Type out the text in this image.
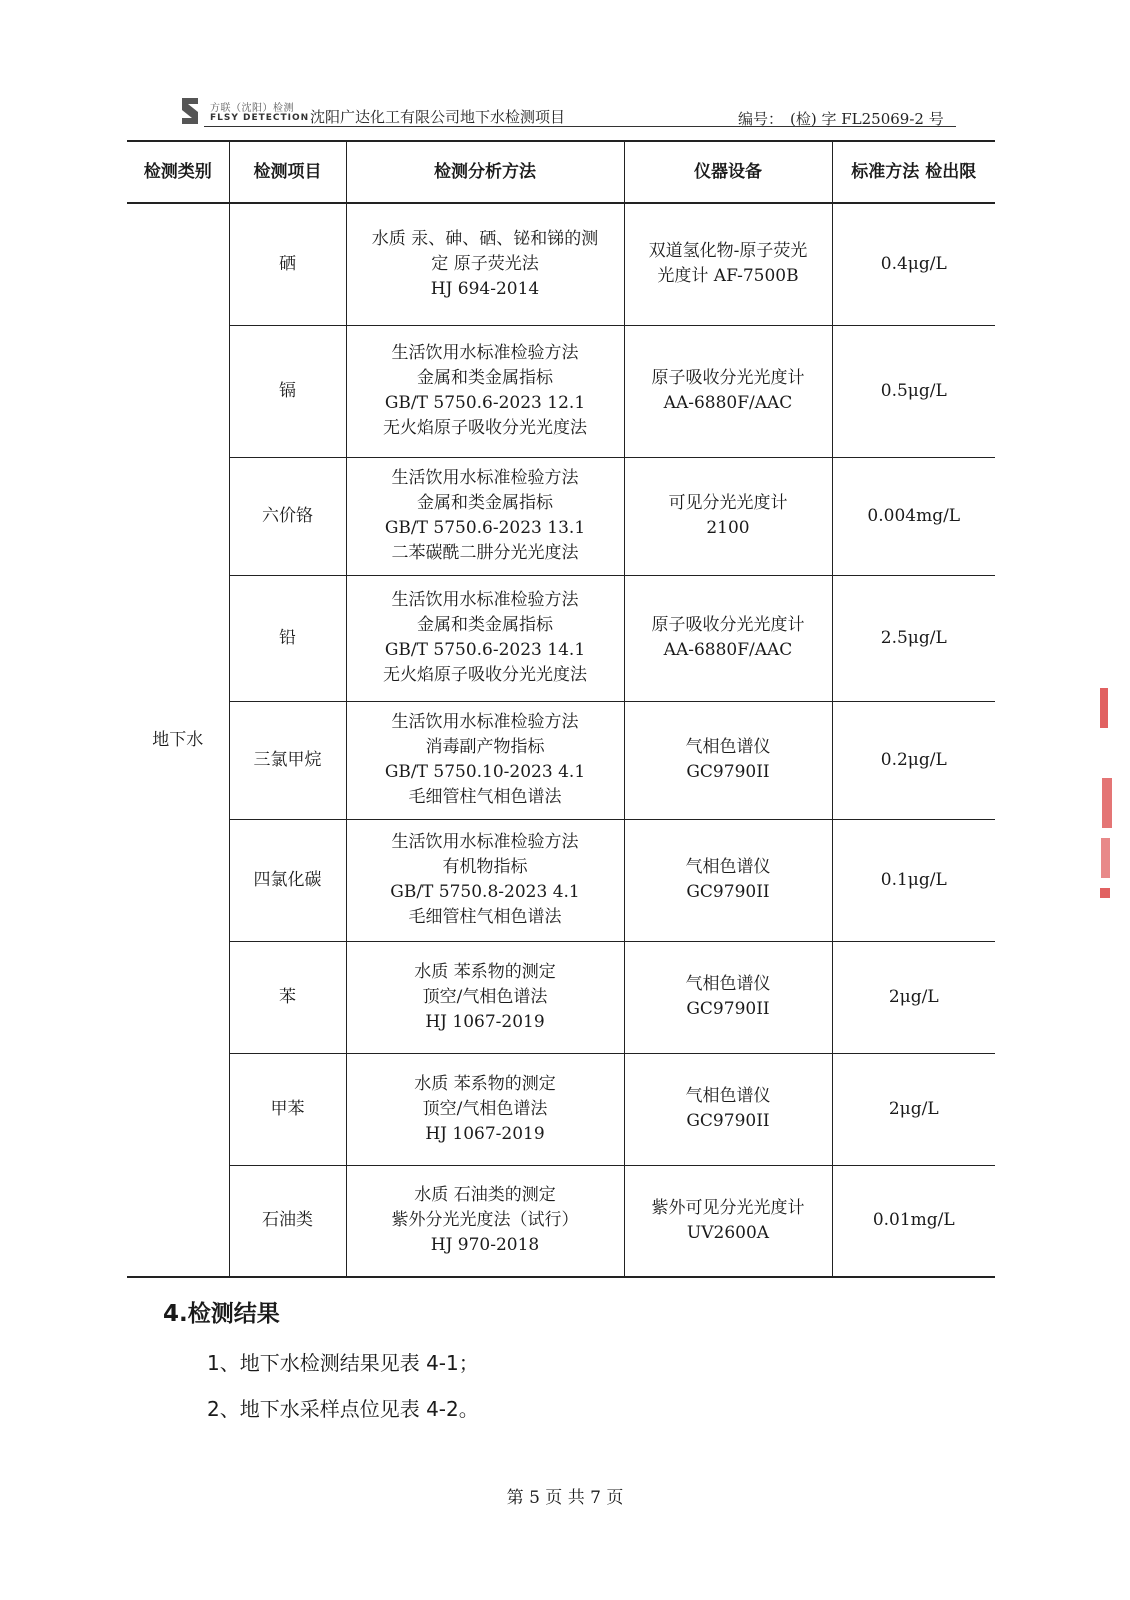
方联（沈阳）检测
FLSY DETECTION 沈阳广达化工有限公司地下水检测项目	编号： (检) 字 FL25069-2 号
检测类别	检测项目	检测分析方法	仪器设备	标准方法 检出限
地下水	硒	水质 汞、砷、硒、铋和锑的测
定 原子荧光法
HJ 694-2014	双道氢化物-原子荧光
光度计 AF-7500B	0.4μg/L
	镉	生活饮用水标准检验方法
金属和类金属指标
GB/T 5750.6-2023 12.1
无火焰原子吸收分光光度法	原子吸收分光光度计
AA-6880F/AAC	0.5μg/L
	六价铬	生活饮用水标准检验方法
金属和类金属指标
GB/T 5750.6-2023 13.1
二苯碳酰二肼分光光度法	可见分光光度计
2100	0.004mg/L
	铅	生活饮用水标准检验方法
金属和类金属指标
GB/T 5750.6-2023 14.1
无火焰原子吸收分光光度法	原子吸收分光光度计
AA-6880F/AAC	2.5μg/L
	三氯甲烷	生活饮用水标准检验方法
消毒副产物指标
GB/T 5750.10-2023 4.1
毛细管柱气相色谱法	气相色谱仪
GC9790II	0.2μg/L
	四氯化碳	生活饮用水标准检验方法
有机物指标
GB/T 5750.8-2023 4.1
毛细管柱气相色谱法	气相色谱仪
GC9790II	0.1μg/L
	苯	水质 苯系物的测定
顶空/气相色谱法
HJ 1067-2019	气相色谱仪
GC9790II	2μg/L
	甲苯	水质 苯系物的测定
顶空/气相色谱法
HJ 1067-2019	气相色谱仪
GC9790II	2μg/L
	石油类	水质 石油类的测定
紫外分光光度法（试行）
HJ 970-2018	紫外可见分光光度计
UV2600A	0.01mg/L
4.检测结果
1、地下水检测结果见表 4-1；
2、地下水采样点位见表 4-2。
第 5 页 共 7 页
